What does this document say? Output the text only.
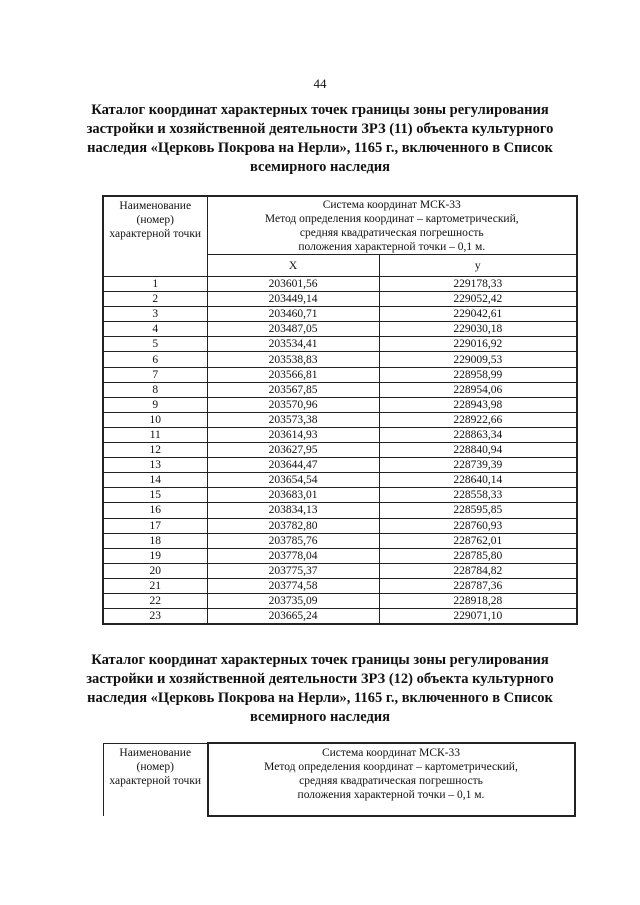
44
Каталог координат характерных точек границы зоны регулирования
застройки и хозяйственной деятельности ЗРЗ (11) объекта культурного
наследия «Церковь Покрова на Нерли», 1165 г., включенного в Список
всемирного наследия
Наименование
(номер)
характерной точки	Система координат МСК-33
Метод определения координат – картометрический,
средняя квадратическая погрешность
положения характерной точки – 0,1 м.	

	X	y
1	203601,56	229178,33
2	203449,14	229052,42
3	203460,71	229042,61
4	203487,05	229030,18
5	203534,41	229016,92
6	203538,83	229009,53
7	203566,81	228958,99
8	203567,85	228954,06
9	203570,96	228943,98
10	203573,38	228922,66
11	203614,93	228863,34
12	203627,95	228840,94
13	203644,47	228739,39
14	203654,54	228640,14
15	203683,01	228558,33
16	203834,13	228595,85
17	203782,80	228760,93
18	203785,76	228762,01
19	203778,04	228785,80
20	203775,37	228784,82
21	203774,58	228787,36
22	203735,09	228918,28
23	203665,24	229071,10
Каталог координат характерных точек границы зоны регулирования
застройки и хозяйственной деятельности ЗРЗ (12) объекта культурного
наследия «Церковь Покрова на Нерли», 1165 г., включенного в Список
всемирного наследия
Наименование
(номер)
характерной точки

Система координат МСК-33
Метод определения координат – картометрический,
средняя квадратическая погрешность
положения характерной точки – 0,1 м.
